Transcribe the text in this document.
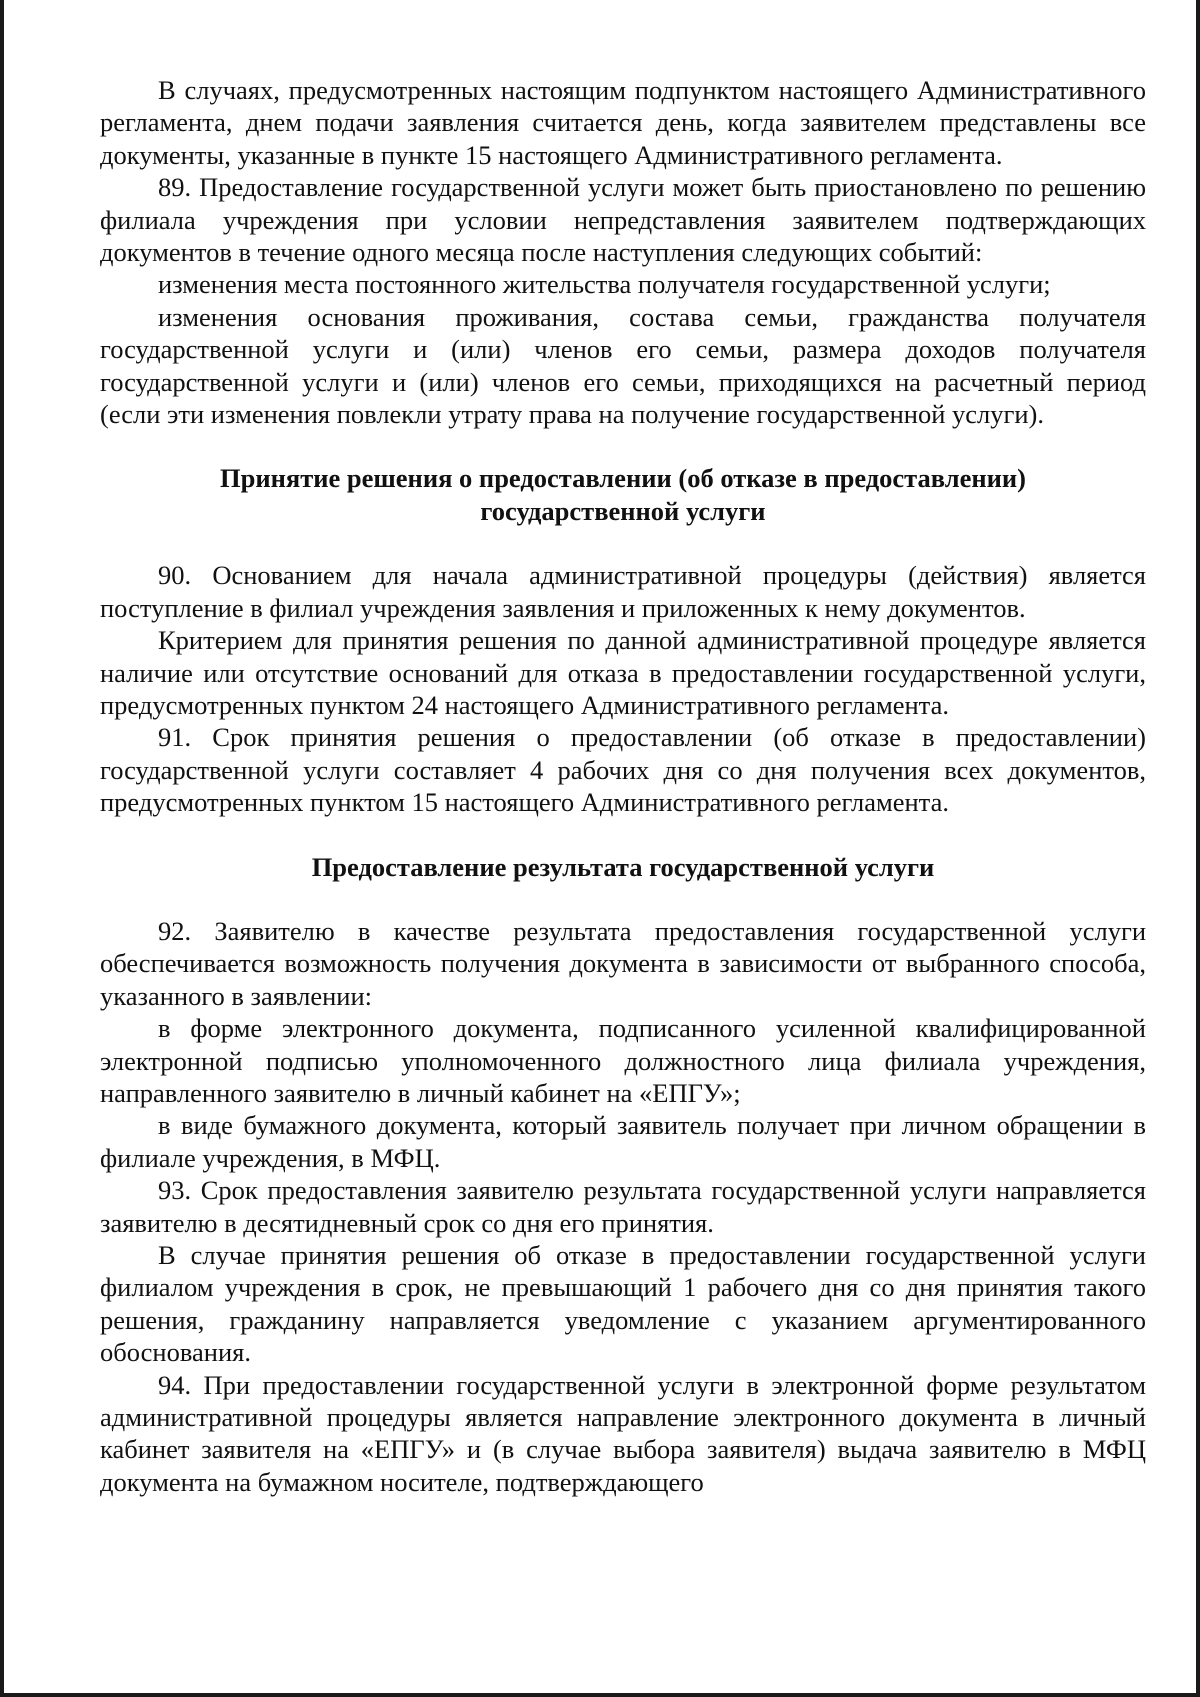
В случаях, предусмотренных настоящим подпунктом настоящего Административного регламента, днем подачи заявления считается день, когда заявителем представлены все документы, указанные в пункте 15 настоящего Административного регламента.

89. Предоставление государственной услуги может быть приостановлено по решению филиала учреждения при условии непредставления заявителем подтверждающих документов в течение одного месяца после наступления следующих событий:

изменения места постоянного жительства получателя государственной услуги;

изменения основания проживания, состава семьи, гражданства получателя государственной услуги и (или) членов его семьи, размера доходов получателя государственной услуги и (или) членов его семьи, приходящихся на расчетный период (если эти изменения повлекли утрату права на получение государственной услуги).

Принятие решения о предоставлении (об отказе в предоставлении)
государственной услуги

90. Основанием для начала административной процедуры (действия) является поступление в филиал учреждения заявления и приложенных к нему документов.

Критерием для принятия решения по данной административной процедуре является наличие или отсутствие оснований для отказа в предоставлении государственной услуги, предусмотренных пунктом 24 настоящего Административного регламента.

91. Срок принятия решения о предоставлении (об отказе в предоставлении) государственной услуги составляет 4 рабочих дня со дня получения всех документов, предусмотренных пунктом 15 настоящего Административного регламента.

Предоставление результата государственной услуги

92. Заявителю в качестве результата предоставления государственной услуги обеспечивается возможность получения документа в зависимости от выбранного способа, указанного в заявлении:

в форме электронного документа, подписанного усиленной квалифицированной электронной подписью уполномоченного должностного лица филиала учреждения, направленного заявителю в личный кабинет на «ЕПГУ»;

в виде бумажного документа, который заявитель получает при личном обращении в филиале учреждения, в МФЦ.

93. Срок предоставления заявителю результата государственной услуги направляется заявителю в десятидневный срок со дня его принятия.

В случае принятия решения об отказе в предоставлении государственной услуги филиалом учреждения в срок, не превышающий 1 рабочего дня со дня принятия такого решения, гражданину направляется уведомление с указанием аргументированного обоснования.

94. При предоставлении государственной услуги в электронной форме результатом административной процедуры является направление электронного документа в личный кабинет заявителя на «ЕПГУ» и (в случае выбора заявителя) выдача заявителю в МФЦ документа на бумажном носителе, подтверждающего
